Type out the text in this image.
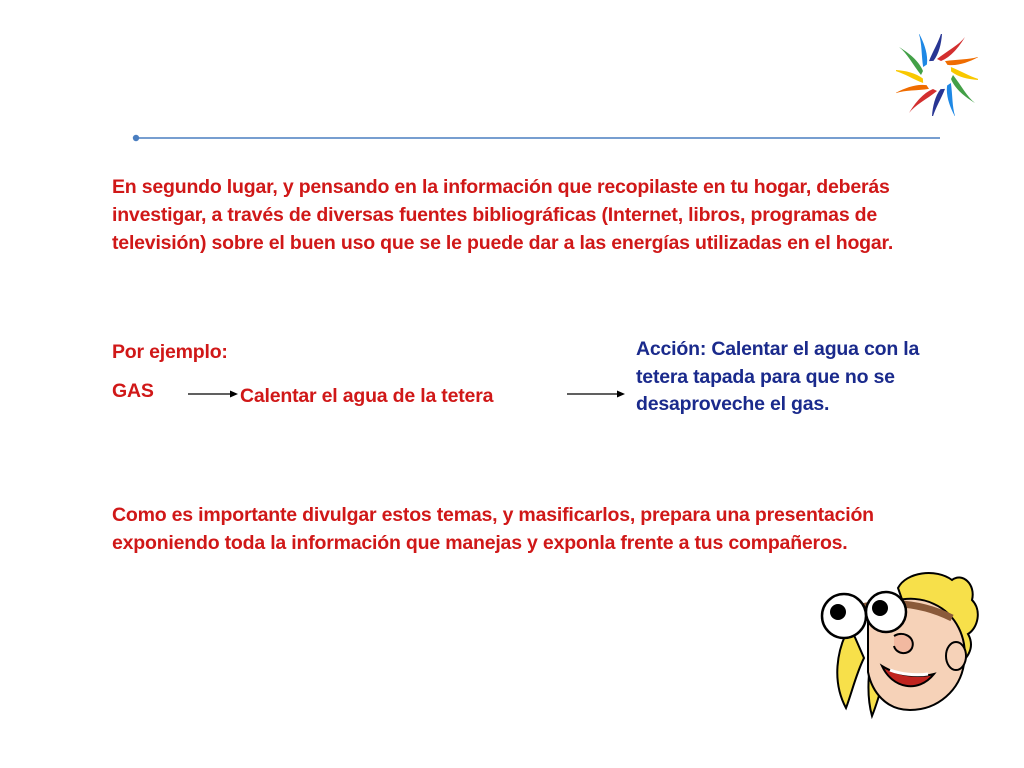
En segundo lugar, y pensando en la información que recopilaste en tu hogar, deberás investigar, a través de diversas fuentes bibliográficas (Internet, libros, programas de televisión) sobre el buen uso que se le puede dar a las energías utilizadas en el hogar.

Por ejemplo:

GAS	Calentar el agua de la tetera

Acción: Calentar el agua con la tetera tapada para que no se desaproveche el gas.

Como es importante divulgar estos temas, y masificarlos, prepara una presentación exponiendo toda la información que manejas y exponla frente a tus compañeros.
